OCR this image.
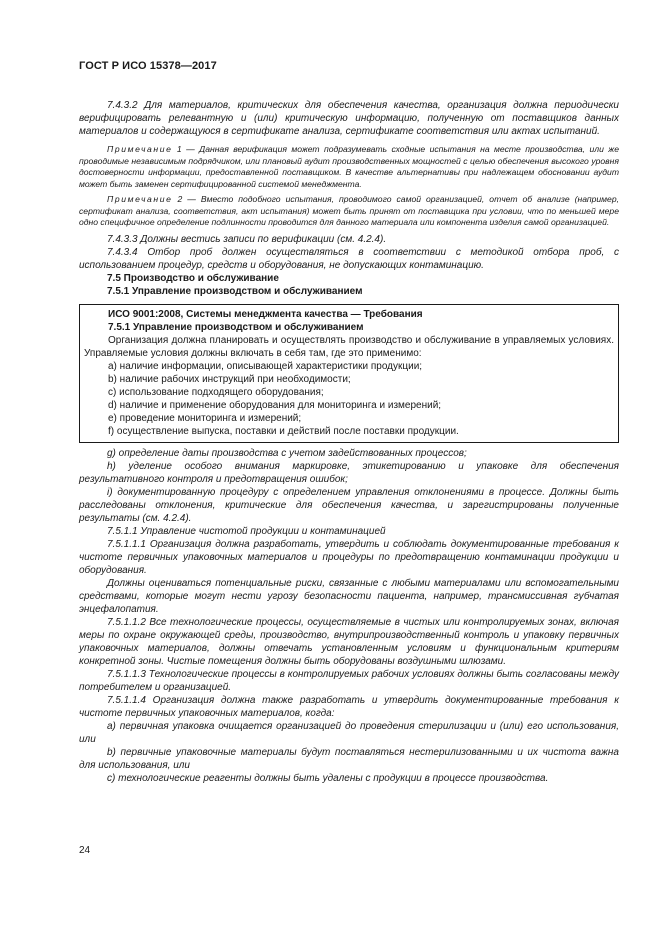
ГОСТ Р ИСО 15378—2017

7.4.3.2 Для материалов, критических для обеспечения качества, организация должна периодически верифицировать релевантную и (или) критическую информацию, полученную от поставщиков данных материалов и содержащуюся в сертификате анализа, сертификате соответствия или актах испытаний.

Примечание 1 — Данная верификация может подразумевать сходные испытания на месте производства, или же проводимые независимым подрядчиком, или плановый аудит производственных мощностей с целью обеспечения высокого уровня достоверности информации, предоставленной поставщиком. В качестве альтернативы при надлежащем обосновании аудит может быть заменен сертифицированной системой менеджмента.

Примечание 2 — Вместо подобного испытания, проводимого самой организацией, отчет об анализе (например, сертификат анализа, соответствия, акт испытания) может быть принят от поставщика при условии, что по меньшей мере одно специфичное определение подлинности проводится для данного материала или компонента изделия самой организацией.

7.4.3.3 Должны вестись записи по верификации (см. 4.2.4).

7.4.3.4 Отбор проб должен осуществляться в соответствии с методикой отбора проб, с использованием процедур, средств и оборудования, не допускающих контаминацию.

7.5 Производство и обслуживание

7.5.1 Управление производством и обслуживанием

ИСО 9001:2008, Системы менеджмента качества — Требования

7.5.1 Управление производством и обслуживанием

Организация должна планировать и осуществлять производство и обслуживание в управляемых условиях. Управляемые условия должны включать в себя там, где это применимо:

a) наличие информации, описывающей характеристики продукции;

b) наличие рабочих инструкций при необходимости;

c) использование подходящего оборудования;

d) наличие и применение оборудования для мониторинга и измерений;

e) проведение мониторинга и измерений;

f) осуществление выпуска, поставки и действий после поставки продукции.

g) определение даты производства с учетом задействованных процессов;

h) уделение особого внимания маркировке, этикетированию и упаковке для обеспечения результативного контроля и предотвращения ошибок;

i) документированную процедуру с определением управления отклонениями в процессе. Должны быть расследованы отклонения, критические для обеспечения качества, и зарегистрированы полученные результаты (см. 4.2.4).

7.5.1.1 Управление чистотой продукции и контаминацией

7.5.1.1.1 Организация должна разработать, утвердить и соблюдать документированные требования к чистоте первичных упаковочных материалов и процедуры по предотвращению контаминации продукции и оборудования.

Должны оцениваться потенциальные риски, связанные с любыми материалами или вспомогательными средствами, которые могут нести угрозу безопасности пациента, например, трансмиссивная губчатая энцефалопатия.

7.5.1.1.2 Все технологические процессы, осуществляемые в чистых или контролируемых зонах, включая меры по охране окружающей среды, производство, внутрипроизводственный контроль и упаковку первичных упаковочных материалов, должны отвечать установленным условиям и функциональным критериям конкретной зоны. Чистые помещения должны быть оборудованы воздушными шлюзами.

7.5.1.1.3 Технологические процессы в контролируемых рабочих условиях должны быть согласованы между потребителем и организацией.

7.5.1.1.4 Организация должна также разработать и утвердить документированные требования к чистоте первичных упаковочных материалов, когда:

a) первичная упаковка очищается организацией до проведения стерилизации и (или) его использования, или

b) первичные упаковочные материалы будут поставляться нестерилизованными и их чистота важна для использования, или

c) технологические реагенты должны быть удалены с продукции в процессе производства.

24
